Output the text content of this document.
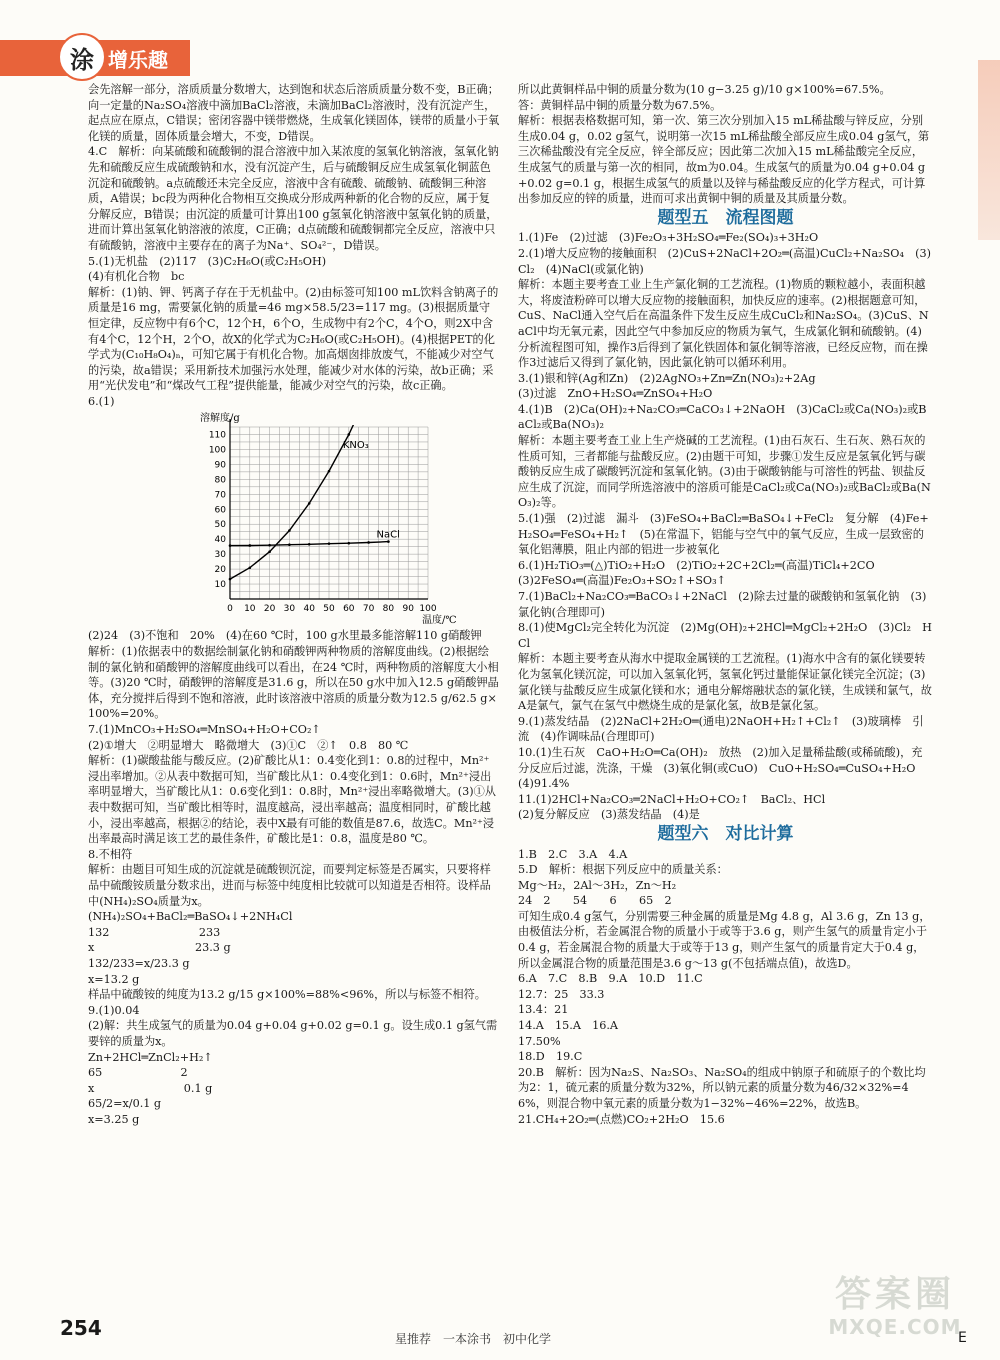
涂 增乐趣

会先溶解一部分，溶质质量分数增大，达到饱和状态后溶质质量分数不变，B正确；向一定量的Na₂SO₄溶液中滴加BaCl₂溶液，未滴加BaCl₂溶液时，没有沉淀产生，起点应在原点，C错误；密闭容器中镁带燃烧，生成氧化镁固体，镁带的质量小于氧化镁的质量，固体质量会增大，不变，D错误。

4.C　解析：向某硫酸和硫酸铜的混合溶液中加入某浓度的氢氧化钠溶液，氢氧化钠先和硫酸反应生成硫酸钠和水，没有沉淀产生，后与硫酸铜反应生成氢氧化铜蓝色沉淀和硫酸钠。a点硫酸还未完全反应，溶液中含有硫酸、硫酸钠、硫酸铜三种溶质，A错误；bc段为两种化合物相互交换成分形成两种新的化合物的反应，属于复分解反应，B错误；由沉淀的质量可计算出100 g氢氧化钠溶液中氢氧化钠的质量，进而计算出氢氧化钠溶液的浓度，C正确；d点硫酸和硫酸铜都完全反应，溶液中只有硫酸钠，溶液中主要存在的离子为Na⁺、SO₄²⁻，D错误。

5.(1)无机盐　(2)117　(3)C₂H₆O(或C₂H₅OH)
(4)有机化合物　bc

解析：(1)钠、钾、钙离子存在于无机盐中。(2)由标签可知100 mL饮料含钠离子的质量是16 mg，需要氯化钠的质量=46 mg×58.5/23=117 mg。(3)根据质量守恒定律，反应物中有6个C，12个H，6个O，生成物中有2个C，4个O，则2X中含有4个C，12个H，2个O，故X的化学式为C₂H₆O(或C₂H₅OH)。(4)根据PET的化学式为(C₁₀H₈O₄)ₙ，可知它属于有机化合物。加高烟囱排放废气，不能减少对空气的污染，故a错误；采用新技术加强污水处理，能减少对水体的污染，故b正确；采用“光伏发电”和“煤改气工程”提供能量，能减少对空气的污染，故c正确。

6.(1)

0 10 20 30 40 50 60 70 80 90 100
10
20
30
40
50
60
70
80
90
100
110
溶解度/g
温度/℃
KNO₃
NaCl

(2)24　(3)不饱和　20%　(4)在60 ℃时，100 g水里最多能溶解110 g硝酸钾

解析：(1)依据表中的数据绘制氯化钠和硝酸钾两种物质的溶解度曲线。(2)根据绘制的氯化钠和硝酸钾的溶解度曲线可以看出，在24 ℃时，两种物质的溶解度大小相等。(3)20 ℃时，硝酸钾的溶解度是31.6 g，所以在50 g水中加入12.5 g硝酸钾晶体，充分搅拌后得到不饱和溶液，此时该溶液中溶质的质量分数为12.5 g/62.5 g×100%=20%。

7.(1)MnCO₃+H₂SO₄═MnSO₄+H₂O+CO₂↑
(2)①增大　②明显增大　略微增大　(3)①C　②↑　0.8　80 ℃

解析：(1)碳酸盐能与酸反应。(2)矿酸比从1：0.4变化到1：0.8的过程中，Mn²⁺浸出率增加。②从表中数据可知，当矿酸比从1：0.4变化到1：0.6时，Mn²⁺浸出率明显增大，当矿酸比从1：0.6变化到1：0.8时，Mn²⁺浸出率略微增大。(3)①从表中数据可知，当矿酸比相等时，温度越高，浸出率越高；温度相同时，矿酸比越小，浸出率越高，根据②的结论，表中X最有可能的数值是87.6，故选C。Mn²⁺浸出率最高时满足该工艺的最佳条件，矿酸比是1：0.8，温度是80 ℃。

8.不相符

解析：由题目可知生成的沉淀就是硫酸钡沉淀，而要判定标签是否属实，只要将样品中硫酸铵质量分数求出，进而与标签中纯度相比较就可以知道是否相符。设样品中(NH₄)₂SO₄质量为x。
(NH₄)₂SO₄+BaCl₂═BaSO₄↓+2NH₄Cl
132　　　　　　　　233
x　　　　　　　　　23.3 g
132/233=x/23.3 g
x=13.2 g
样品中硫酸铵的纯度为13.2 g/15 g×100%=88%<96%，所以与标签不相符。

9.(1)0.04

(2)解：共生成氢气的质量为0.04 g+0.04 g+0.02 g=0.1 g。设生成0.1 g氢气需要锌的质量为x。
Zn+2HCl═ZnCl₂+H₂↑
65　　　　　　　2
x　　　　　　　　0.1 g
65/2=x/0.1 g
x=3.25 g

所以此黄铜样品中铜的质量分数为(10 g−3.25 g)/10 g×100%=67.5%。

答：黄铜样品中铜的质量分数为67.5%。

解析：根据表格数据可知，第一次、第三次分别加入15 mL稀盐酸与锌反应，分别生成0.04 g，0.02 g氢气，说明第一次15 mL稀盐酸全部反应生成0.04 g氢气，第三次稀盐酸没有完全反应，锌全部反应；因此第二次加入15 mL稀盐酸完全反应，生成氢气的质量与第一次的相同，故m为0.04。生成氢气的质量为0.04 g+0.04 g+0.02 g=0.1 g，根据生成氢气的质量以及锌与稀盐酸反应的化学方程式，可计算出参加反应的锌的质量，进而可求出黄铜中铜的质量及其质量分数。

题型五　流程图题

1.(1)Fe　(2)过滤　(3)Fe₂O₃+3H₂SO₄═Fe₂(SO₄)₃+3H₂O

2.(1)增大反应物的接触面积　(2)CuS+2NaCl+2O₂═(高温)CuCl₂+Na₂SO₄　(3)Cl₂　(4)NaCl(或氯化钠)

解析：本题主要考查工业上生产氯化铜的工艺流程。(1)物质的颗粒越小，表面积越大，将废渣粉碎可以增大反应物的接触面积，加快反应的速率。(2)根据题意可知，CuS、NaCl通入空气后在高温条件下发生反应生成CuCl₂和Na₂SO₄。(3)CuS、NaCl中均无氧元素，因此空气中参加反应的物质为氧气，生成氯化铜和硫酸钠。(4)分析流程图可知，操作3后得到了氯化铁固体和氯化铜等溶液，已经反应物，而在操作3过滤后又得到了氯化钠，因此氯化钠可以循环利用。

3.(1)银和锌(Ag和Zn)　(2)2AgNO₃+Zn═Zn(NO₃)₂+2Ag
(3)过滤　ZnO+H₂SO₄═ZnSO₄+H₂O

4.(1)B　(2)Ca(OH)₂+Na₂CO₃═CaCO₃↓+2NaOH　(3)CaCl₂或Ca(NO₃)₂或BaCl₂或Ba(NO₃)₂

解析：本题主要考查工业上生产烧碱的工艺流程。(1)由石灰石、生石灰、熟石灰的性质可知，三者都能与盐酸反应。(2)由题干可知，步骤①发生反应是氢氧化钙与碳酸钠反应生成了碳酸钙沉淀和氢氧化钠。(3)由于碳酸钠能与可溶性的钙盐、钡盐反应生成了沉淀，而同学所选溶液中的溶质可能是CaCl₂或Ca(NO₃)₂或BaCl₂或Ba(NO₃)₂等。

5.(1)强　(2)过滤　漏斗　(3)FeSO₄+BaCl₂═BaSO₄↓+FeCl₂　复分解　(4)Fe+H₂SO₄═FeSO₄+H₂↑　(5)在常温下，铝能与空气中的氧气反应，生成一层致密的氧化铝薄膜，阻止内部的铝进一步被氧化

6.(1)H₂TiO₃═(△)TiO₂+H₂O　(2)TiO₂+2C+2Cl₂═(高温)TiCl₄+2CO
(3)2FeSO₄═(高温)Fe₂O₃+SO₂↑+SO₃↑

7.(1)BaCl₂+Na₂CO₃═BaCO₃↓+2NaCl　(2)除去过量的碳酸钠和氢氧化钠　(3)氯化钠(合理即可)

8.(1)使MgCl₂完全转化为沉淀　(2)Mg(OH)₂+2HCl═MgCl₂+2H₂O　(3)Cl₂　HCl

解析：本题主要考查从海水中提取金属镁的工艺流程。(1)海水中含有的氯化镁要转化为氢氧化镁沉淀，可以加入氢氧化钙，氢氧化钙过量能保证氯化镁完全沉淀；(3)氯化镁与盐酸反应生成氯化镁和水；通电分解熔融状态的氯化镁，生成镁和氯气，故A是氯气，氯气在氢气中燃烧生成的是氯化氢，故B是氯化氢。

9.(1)蒸发结晶　(2)2NaCl+2H₂O═(通电)2NaOH+H₂↑+Cl₂↑　(3)玻璃棒　引流　(4)作调味品(合理即可)

10.(1)生石灰　CaO+H₂O═Ca(OH)₂　放热　(2)加入足量稀盐酸(或稀硫酸)，充分反应后过滤，洗涤，干燥　(3)氧化铜(或CuO)　CuO+H₂SO₄═CuSO₄+H₂O　(4)91.4%

11.(1)2HCl+Na₂CO₃═2NaCl+H₂O+CO₂↑　BaCl₂、HCl
(2)复分解反应　(3)蒸发结晶　(4)是

题型六　对比计算

1.B　2.C　3.A　4.A

5.D　解析：根据下列反应中的质量关系：
Mg～H₂，2Al～3H₂，Zn～H₂
24　2　　54　　6　　65　2
可知生成0.4 g氢气，分别需要三种金属的质量是Mg 4.8 g，Al 3.6 g，Zn 13 g，由极值法分析，若金属混合物的质量小于或等于3.6 g，则产生氢气的质量肯定小于0.4 g，若金属混合物的质量大于或等于13 g，则产生氢气的质量肯定大于0.4 g，所以金属混合物的质量范围是3.6 g～13 g(不包括端点值)，故选D。

6.A　7.C　8.B　9.A　10.D　11.C

12.7：25　33.3

13.4：21

14.A　15.A　16.A

17.50%

18.D　19.C

20.B　解析：因为Na₂S、Na₂SO₃、Na₂SO₄的组成中钠原子和硫原子的个数比均为2：1，硫元素的质量分数为32%，所以钠元素的质量分数为46/32×32%=46%，则混合物中氧元素的质量分数为1−32%−46%=22%，故选B。

21.CH₄+2O₂═(点燃)CO₂+2H₂O　15.6

254	星推荐　一本涂书　初中化学	E
答案圈
MXQE.COM
